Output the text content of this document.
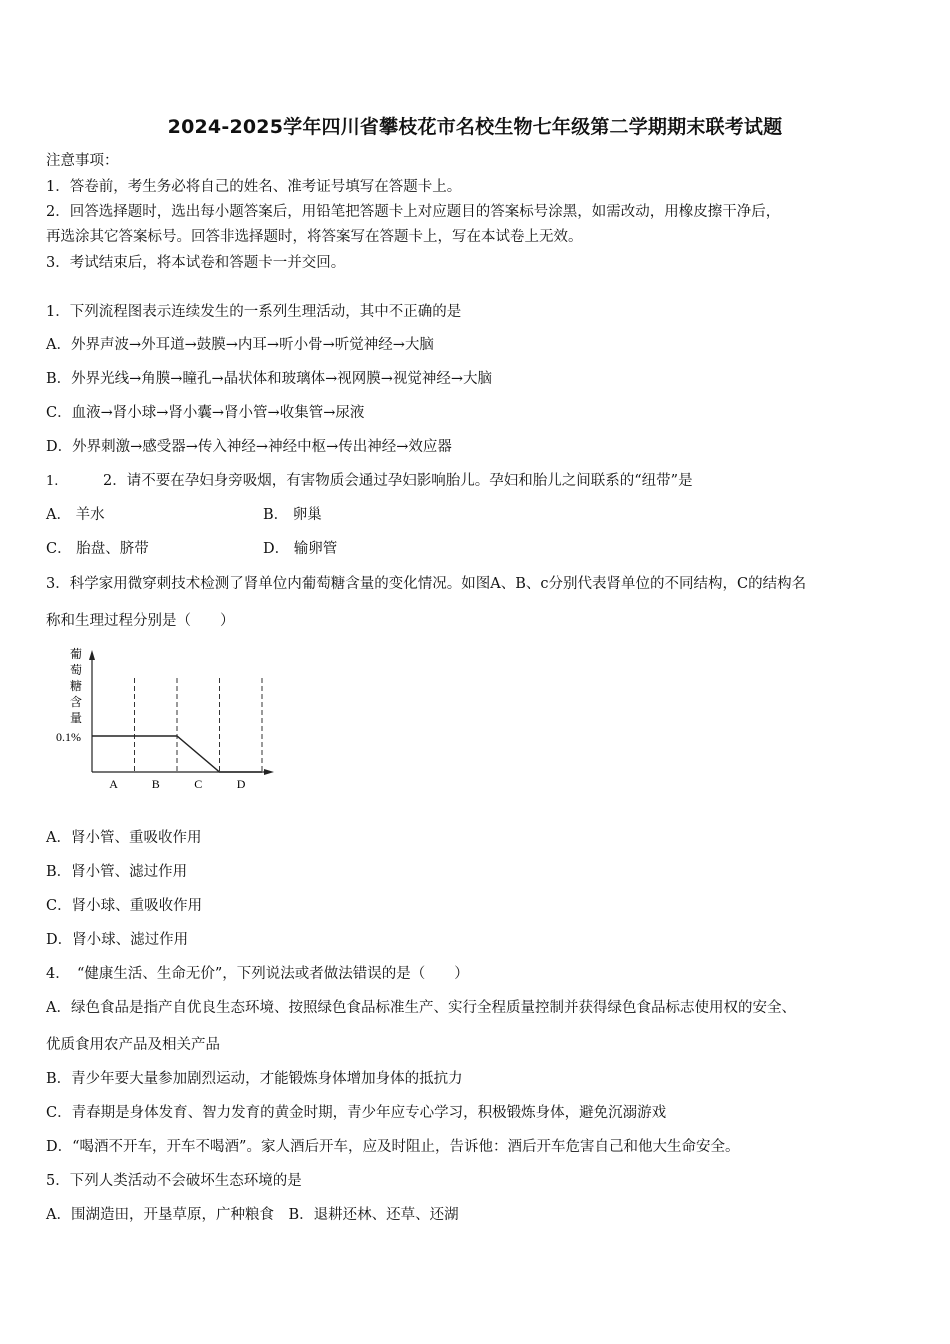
2024-2025学年四川省攀枝花市名校生物七年级第二学期期末联考试题
注意事项：
1．答卷前，考生务必将自己的姓名、准考证号填写在答题卡上。
2．回答选择题时，选出每小题答案后，用铅笔把答题卡上对应题目的答案标号涂黑，如需改动，用橡皮擦干净后，
再选涂其它答案标号。回答非选择题时，将答案写在答题卡上，写在本试卷上无效。
3．考试结束后，将本试卷和答题卡一并交回。
1．下列流程图表示连续发生的一系列生理活动，其中不正确的是
A．外界声波→外耳道→鼓膜→内耳→听小骨→听觉神经→大脑
B．外界光线→角膜→瞳孔→晶状体和玻璃体→视网膜→视觉神经→大脑
C．血液→肾小球→肾小囊→肾小管→收集管→尿液
D．外界刺激→感受器→传入神经→神经中枢→传出神经→效应器
1.	2．请不要在孕妇身旁吸烟，有害物质会通过孕妇影响胎儿。孕妇和胎儿之间联系的“纽带”是
A． 羊水	B． 卵巢
C． 胎盘、脐带	D． 输卵管
3．科学家用微穿刺技术检测了肾单位内葡萄糖含量的变化情况。如图A、B、c分别代表肾单位的不同结构，C的结构名
称和生理过程分别是（　　）
葡
萄
糖
含
量
0.1%
A	B	C	D
A．肾小管、重吸收作用
B．肾小管、滤过作用
C．肾小球、重吸收作用
D．肾小球、滤过作用
4．　“健康生活、生命无价”，下列说法或者做法错误的是（　　）
A．绿色食品是指产自优良生态环境、按照绿色食品标准生产、实行全程质量控制并获得绿色食品标志使用权的安全、
优质食用农产品及相关产品
B．青少年要大量参加剧烈运动，才能锻炼身体增加身体的抵抗力
C．青春期是身体发育、智力发育的黄金时期，青少年应专心学习，积极锻炼身体，避免沉溺游戏
D．“喝酒不开车，开车不喝酒”。家人酒后开车，应及时阻止，告诉他：酒后开车危害自己和他大生命安全。
5．下列人类活动不会破坏生态环境的是
A．围湖造田，开垦草原，广种粮食　B．退耕还林、还草、还湖
